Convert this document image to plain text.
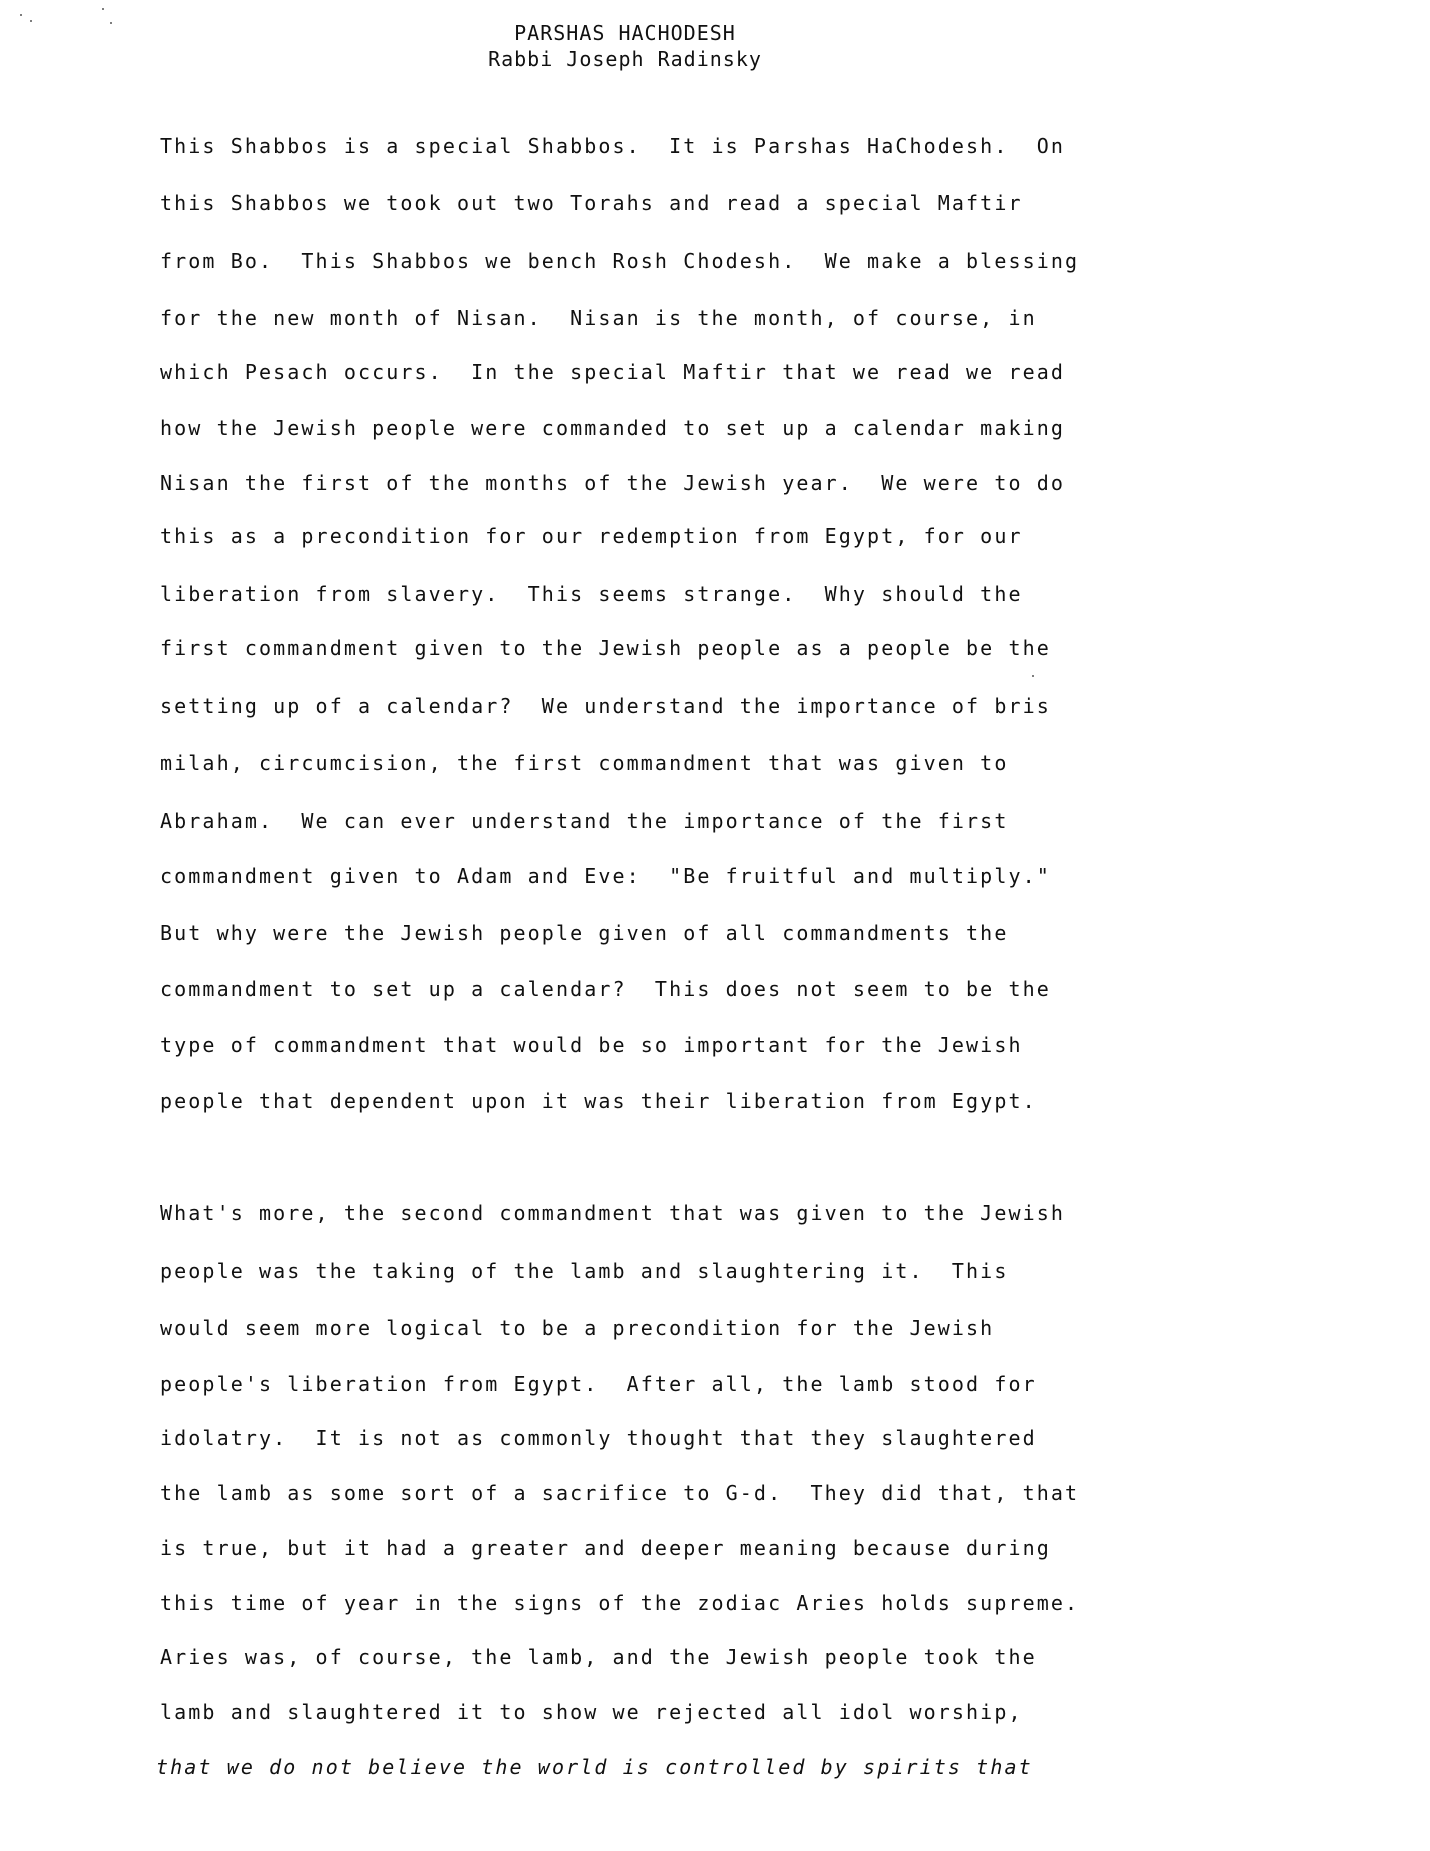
PARSHAS HACHODESH
Rabbi Joseph Radinsky
This Shabbos is a special Shabbos.  It is Parshas HaChodesh.  On
this Shabbos we took out two Torahs and read a special Maftir
from Bo.  This Shabbos we bench Rosh Chodesh.  We make a blessing
for the new month of Nisan.  Nisan is the month, of course, in
which Pesach occurs.  In the special Maftir that we read we read
how the Jewish people were commanded to set up a calendar making
Nisan the first of the months of the Jewish year.  We were to do
this as a precondition for our redemption from Egypt, for our
liberation from slavery.  This seems strange.  Why should the
first commandment given to the Jewish people as a people be the
setting up of a calendar?  We understand the importance of bris
milah, circumcision, the first commandment that was given to
Abraham.  We can ever understand the importance of the first
commandment given to Adam and Eve:  "Be fruitful and multiply."
But why were the Jewish people given of all commandments the
commandment to set up a calendar?  This does not seem to be the
type of commandment that would be so important for the Jewish
people that dependent upon it was their liberation from Egypt.
What's more, the second commandment that was given to the Jewish
people was the taking of the lamb and slaughtering it.  This
would seem more logical to be a precondition for the Jewish
people's liberation from Egypt.  After all, the lamb stood for
idolatry.  It is not as commonly thought that they slaughtered
the lamb as some sort of a sacrifice to G-d.  They did that, that
is true, but it had a greater and deeper meaning because during
this time of year in the signs of the zodiac Aries holds supreme.
Aries was, of course, the lamb, and the Jewish people took the
lamb and slaughtered it to show we rejected all idol worship,
that we do not believe the world is controlled by spirits that
